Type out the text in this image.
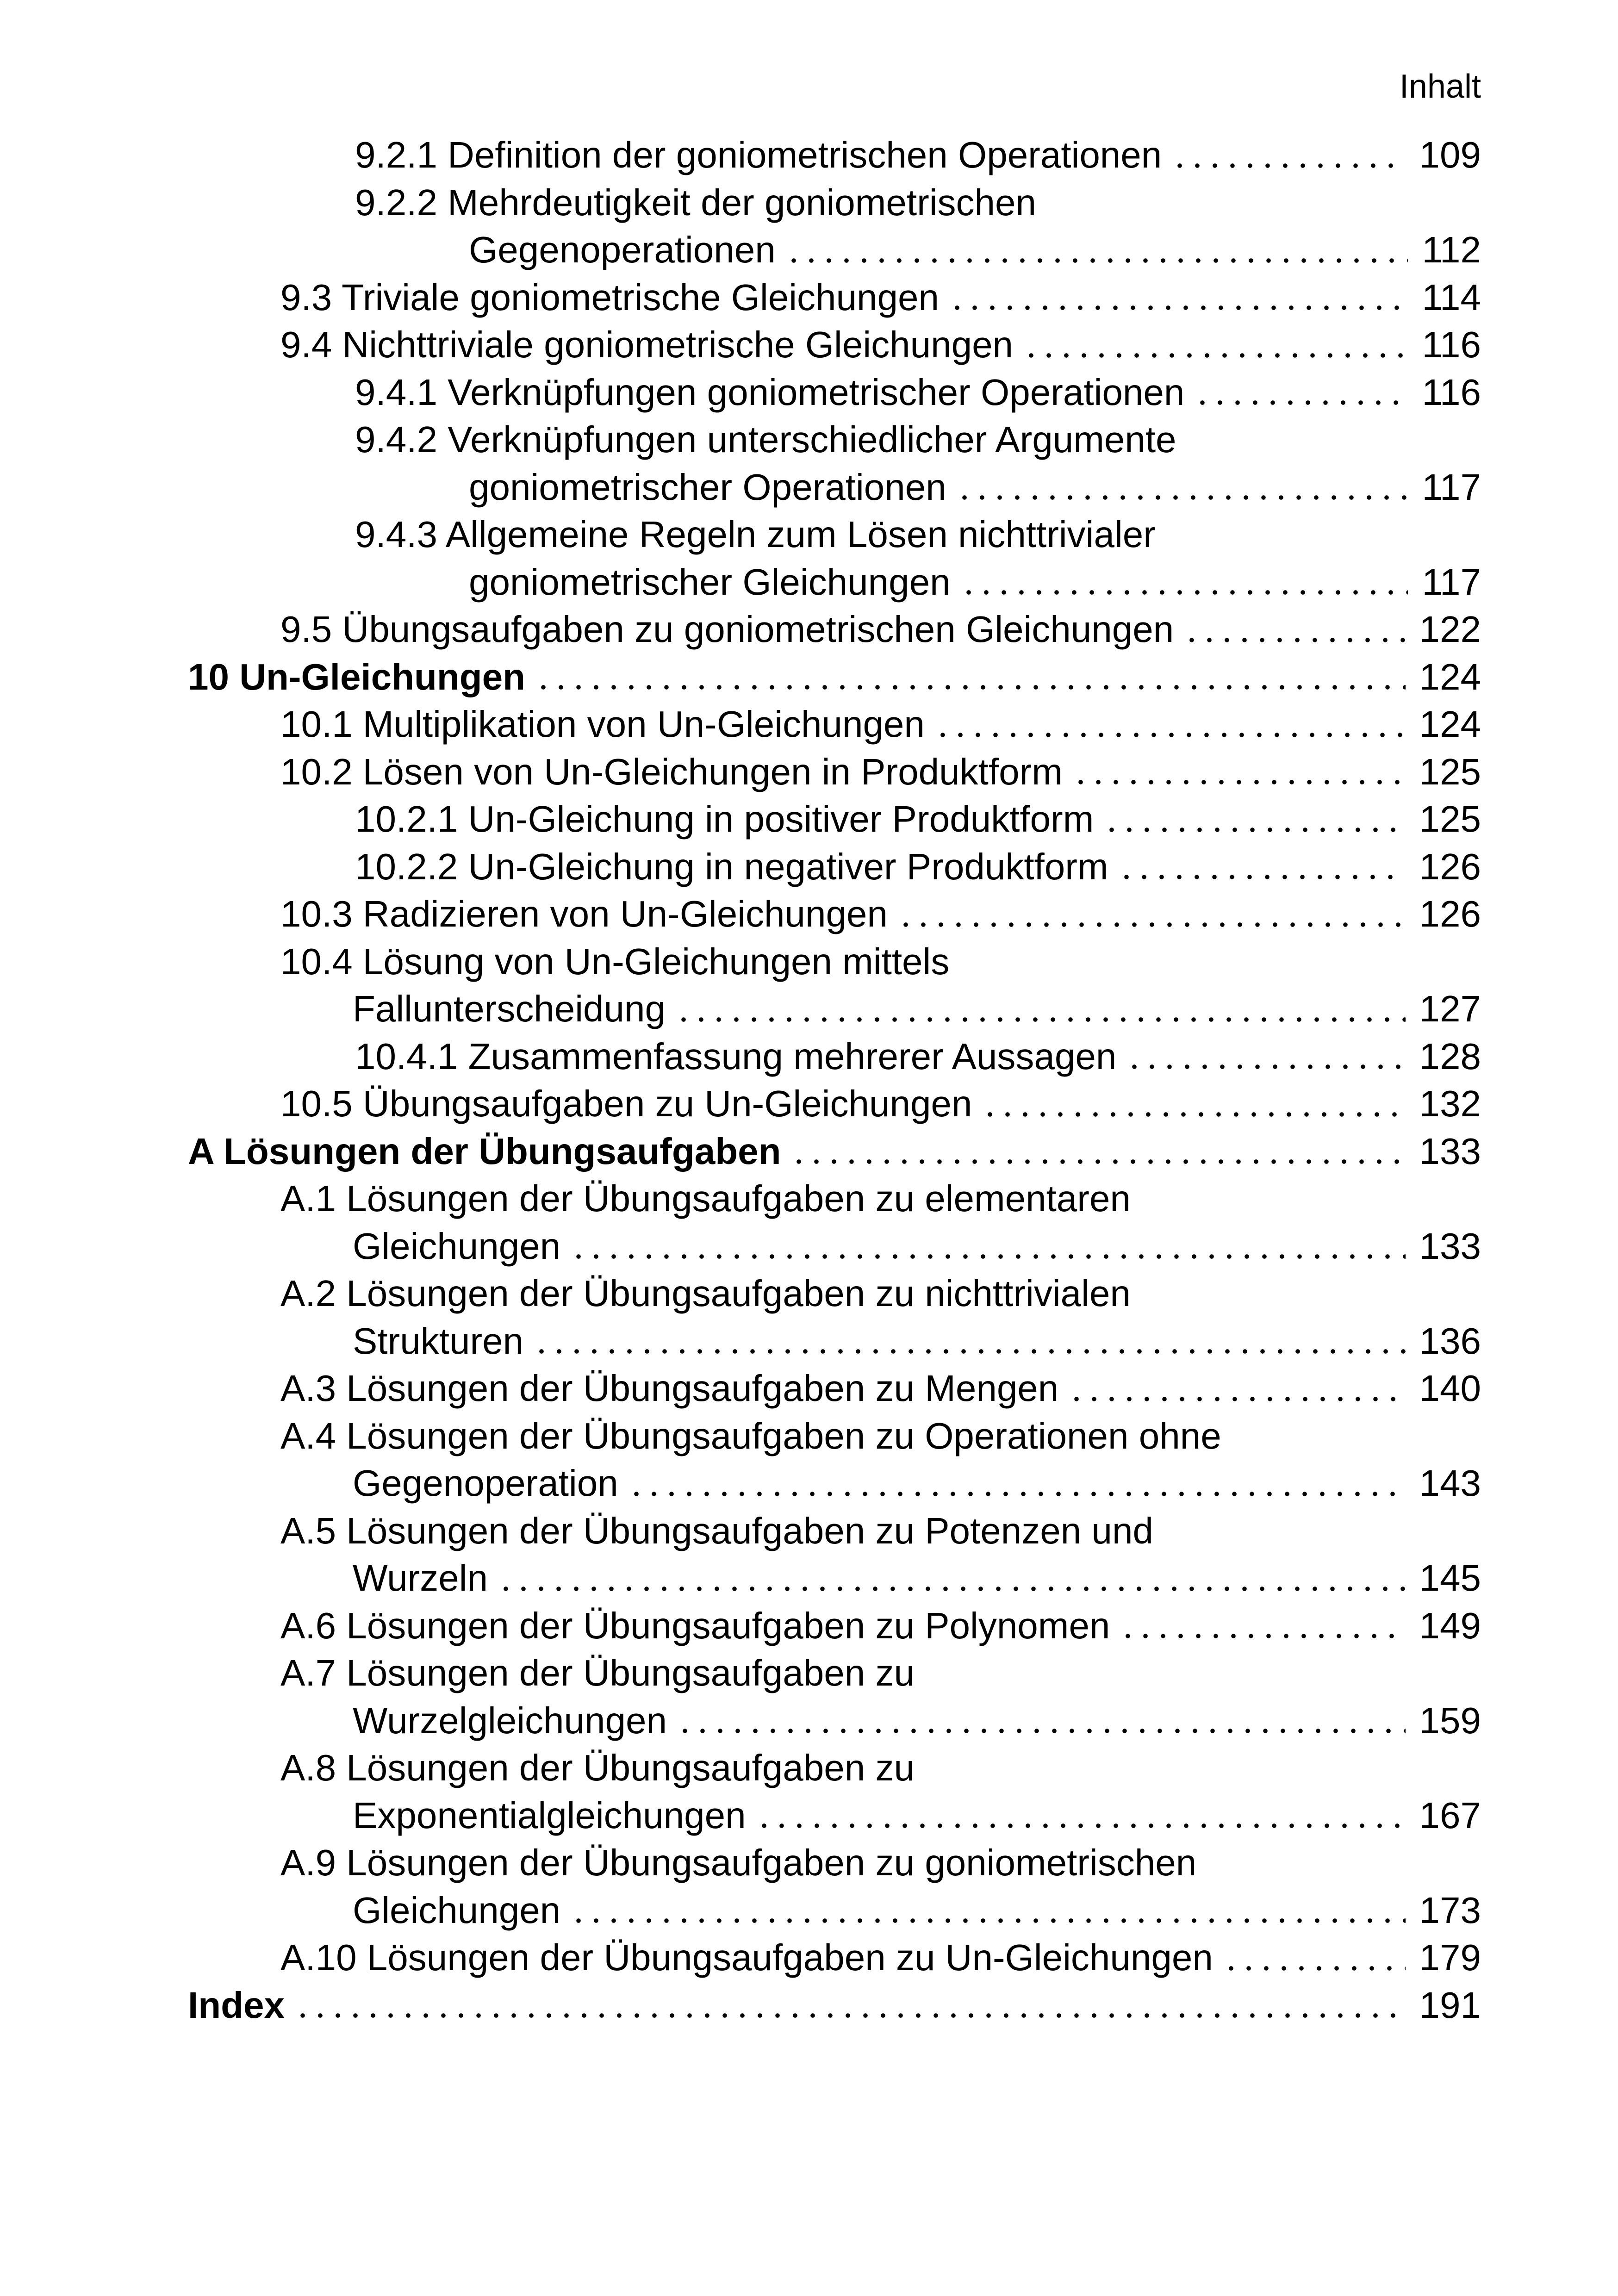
Inhalt
9.2.1 Definition der goniometrischen Operationen	109
9.2.2 Mehrdeutigkeit der goniometrischen
Gegenoperationen	112
9.3 Triviale goniometrische Gleichungen	114
9.4 Nichttriviale goniometrische Gleichungen	116
9.4.1 Verknüpfungen goniometrischer Operationen	116
9.4.2 Verknüpfungen unterschiedlicher Argumente
goniometrischer Operationen	117
9.4.3 Allgemeine Regeln zum Lösen nichttrivialer
goniometrischer Gleichungen	117
9.5 Übungsaufgaben zu goniometrischen Gleichungen	122
10 Un-Gleichungen	124
10.1 Multiplikation von Un-Gleichungen	124
10.2 Lösen von Un-Gleichungen in Produktform	125
10.2.1 Un-Gleichung in positiver Produktform	125
10.2.2 Un-Gleichung in negativer Produktform	126
10.3 Radizieren von Un-Gleichungen	126
10.4 Lösung von Un-Gleichungen mittels
Fallunterscheidung	127
10.4.1 Zusammenfassung mehrerer Aussagen	128
10.5 Übungsaufgaben zu Un-Gleichungen	132
A Lösungen der Übungsaufgaben	133
A.1 Lösungen der Übungsaufgaben zu elementaren
Gleichungen	133
A.2 Lösungen der Übungsaufgaben zu nichttrivialen
Strukturen	136
A.3 Lösungen der Übungsaufgaben zu Mengen	140
A.4 Lösungen der Übungsaufgaben zu Operationen ohne
Gegenoperation	143
A.5 Lösungen der Übungsaufgaben zu Potenzen und
Wurzeln	145
A.6 Lösungen der Übungsaufgaben zu Polynomen	149
A.7 Lösungen der Übungsaufgaben zu
Wurzelgleichungen	159
A.8 Lösungen der Übungsaufgaben zu
Exponentialgleichungen	167
A.9 Lösungen der Übungsaufgaben zu goniometrischen
Gleichungen	173
A.10 Lösungen der Übungsaufgaben zu Un-Gleichungen	179
Index	191
